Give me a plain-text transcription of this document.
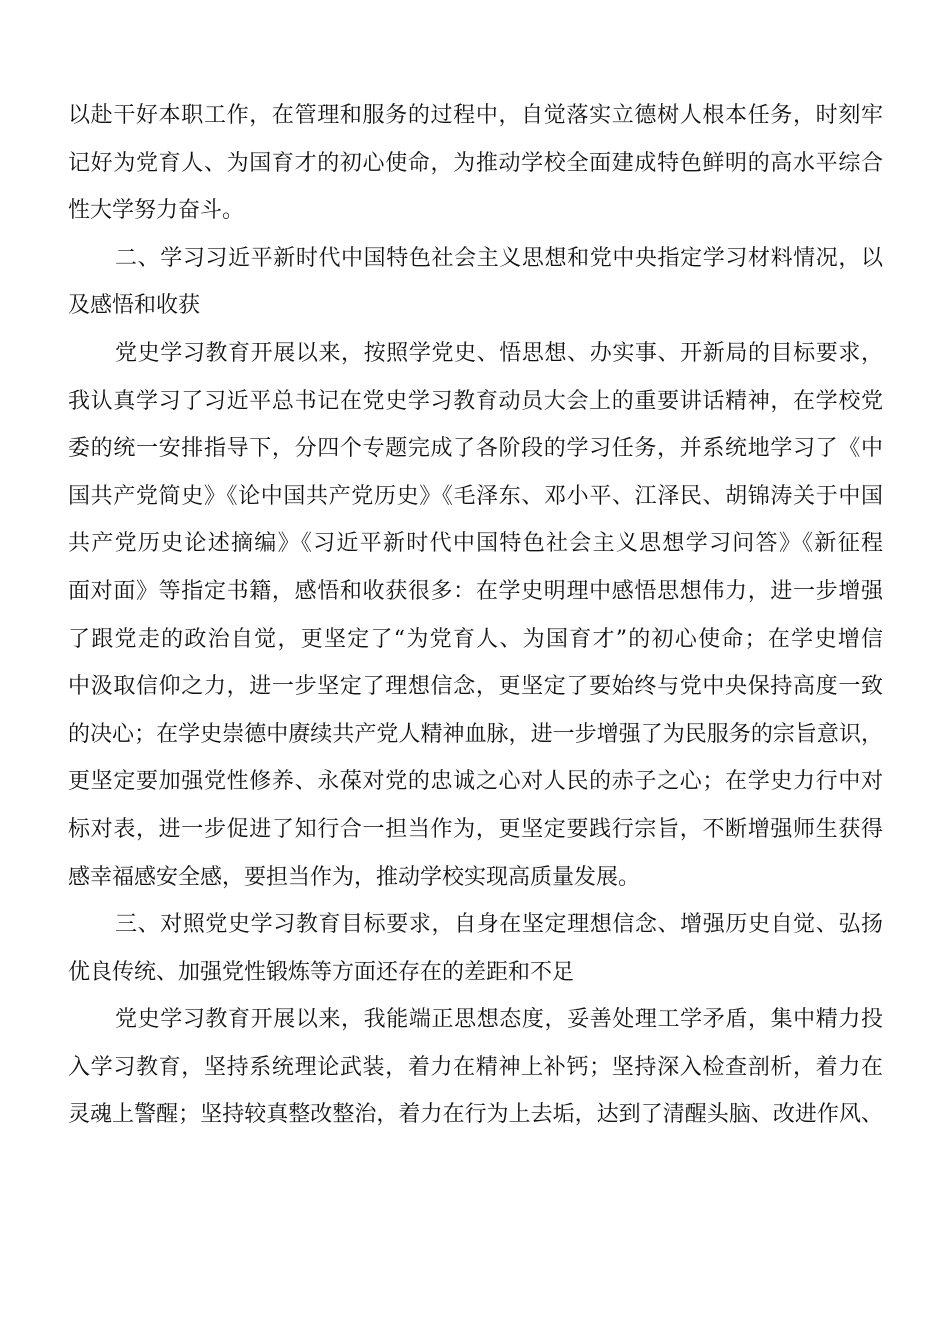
以赴干好本职工作，在管理和服务的过程中，自觉落实立德树人根本任务，时刻牢
记好为党育人、为国育才的初心使命，为推动学校全面建成特色鲜明的高水平综合
性大学努力奋斗。
二、学习习近平新时代中国特色社会主义思想和党中央指定学习材料情况，以
及感悟和收获
党史学习教育开展以来，按照学党史、悟思想、办实事、开新局的目标要求，
我认真学习了习近平总书记在党史学习教育动员大会上的重要讲话精神，在学校党
委的统一安排指导下，分四个专题完成了各阶段的学习任务，并系统地学习了《中
国共产党简史》《论中国共产党历史》《毛泽东、邓小平、江泽民、胡锦涛关于中国
共产党历史论述摘编》《习近平新时代中国特色社会主义思想学习问答》《新征程
面对面》等指定书籍，感悟和收获很多：在学史明理中感悟思想伟力，进一步增强
了跟党走的政治自觉，更坚定了“为党育人、为国育才”的初心使命；在学史增信
中汲取信仰之力，进一步坚定了理想信念，更坚定了要始终与党中央保持高度一致
的决心；在学史崇德中赓续共产党人精神血脉，进一步增强了为民服务的宗旨意识，
更坚定要加强党性修养、永葆对党的忠诚之心对人民的赤子之心；在学史力行中对
标对表，进一步促进了知行合一担当作为，更坚定要践行宗旨，不断增强师生获得
感幸福感安全感，要担当作为，推动学校实现高质量发展。
三、对照党史学习教育目标要求，自身在坚定理想信念、增强历史自觉、弘扬
优良传统、加强党性锻炼等方面还存在的差距和不足
党史学习教育开展以来，我能端正思想态度，妥善处理工学矛盾，集中精力投
入学习教育，坚持系统理论武装，着力在精神上补钙；坚持深入检查剖析，着力在
灵魂上警醒；坚持较真整改整治，着力在行为上去垢，达到了清醒头脑、改进作风、
